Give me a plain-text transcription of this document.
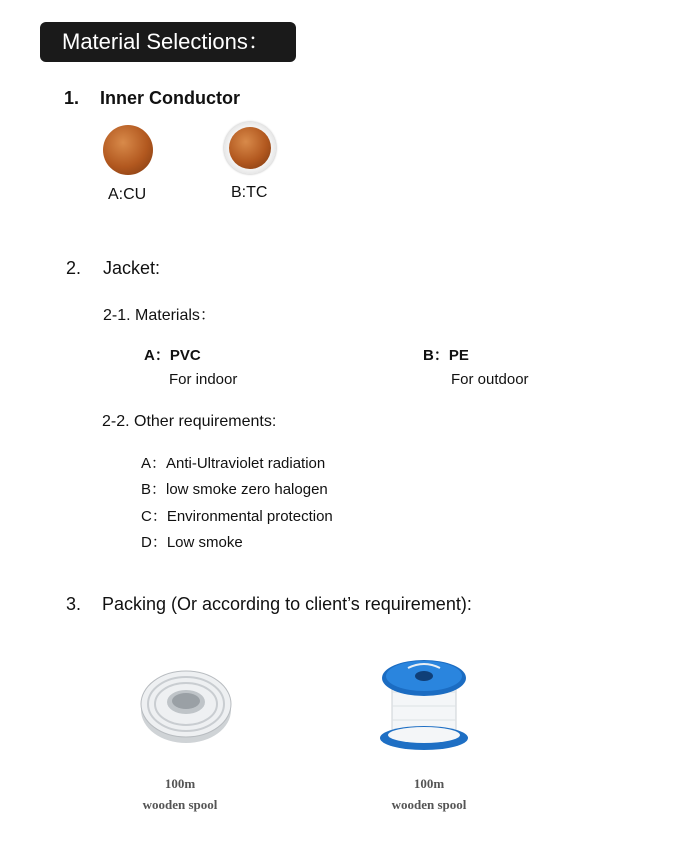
Material Selections：
1. Inner Conductor
A:CU	B:TC
2. Jacket:
2-1. Materials：
A：PVC
For indoor
B：PE
For outdoor
2-2. Other requirements:
A：Anti-Ultraviolet radiation
B：low smoke zero halogen
C：Environmental protection
D：Low smoke
3. Packing (Or according to client’s requirement):
100m
wooden spool
100m
wooden spool
